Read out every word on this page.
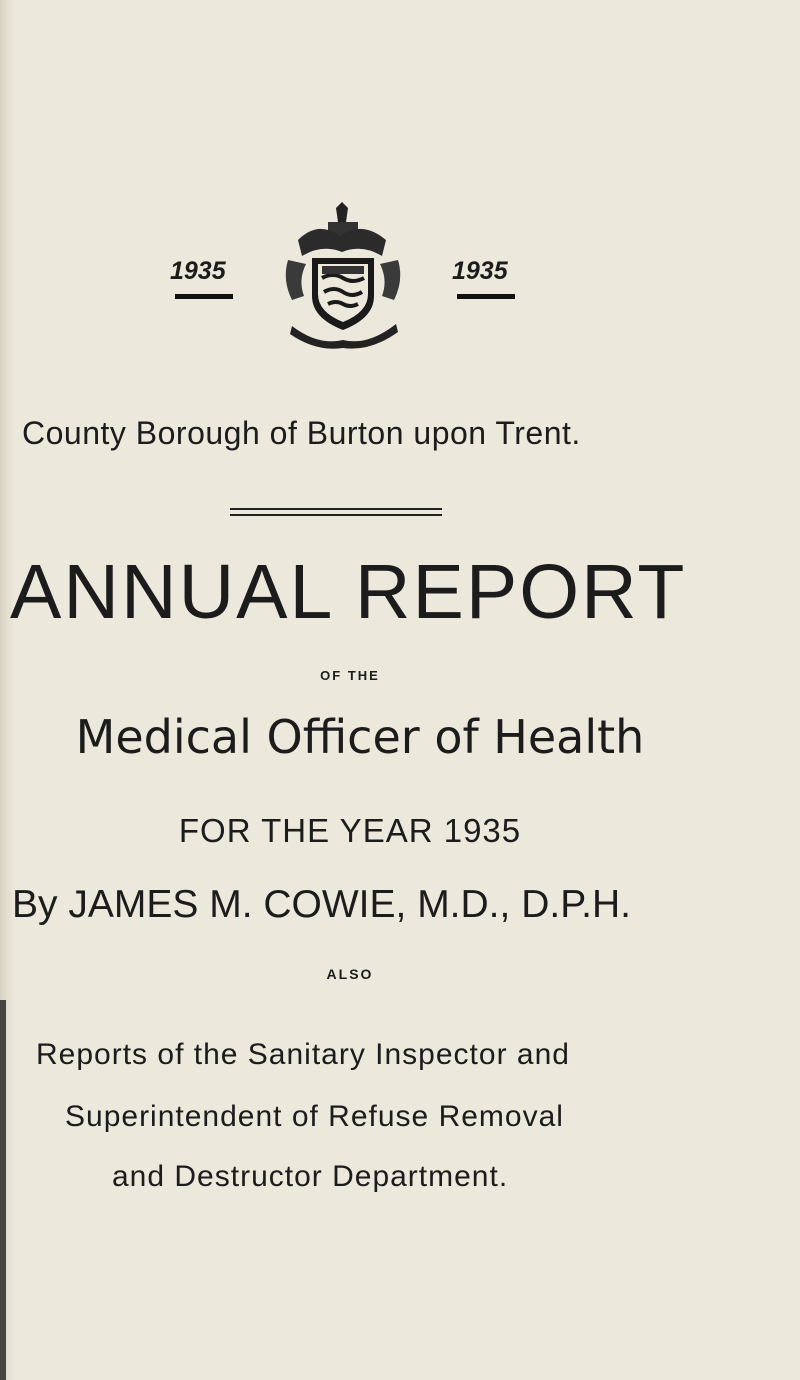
1935	1935
County Borough of Burton upon Trent.
ANNUAL REPORT
OF THE
Medical Officer of Health
FOR THE YEAR 1935
By JAMES M. COWIE, M.D., D.P.H.
ALSO
Reports of the Sanitary Inspector and
Superintendent of Refuse Removal
and Destructor Department.
